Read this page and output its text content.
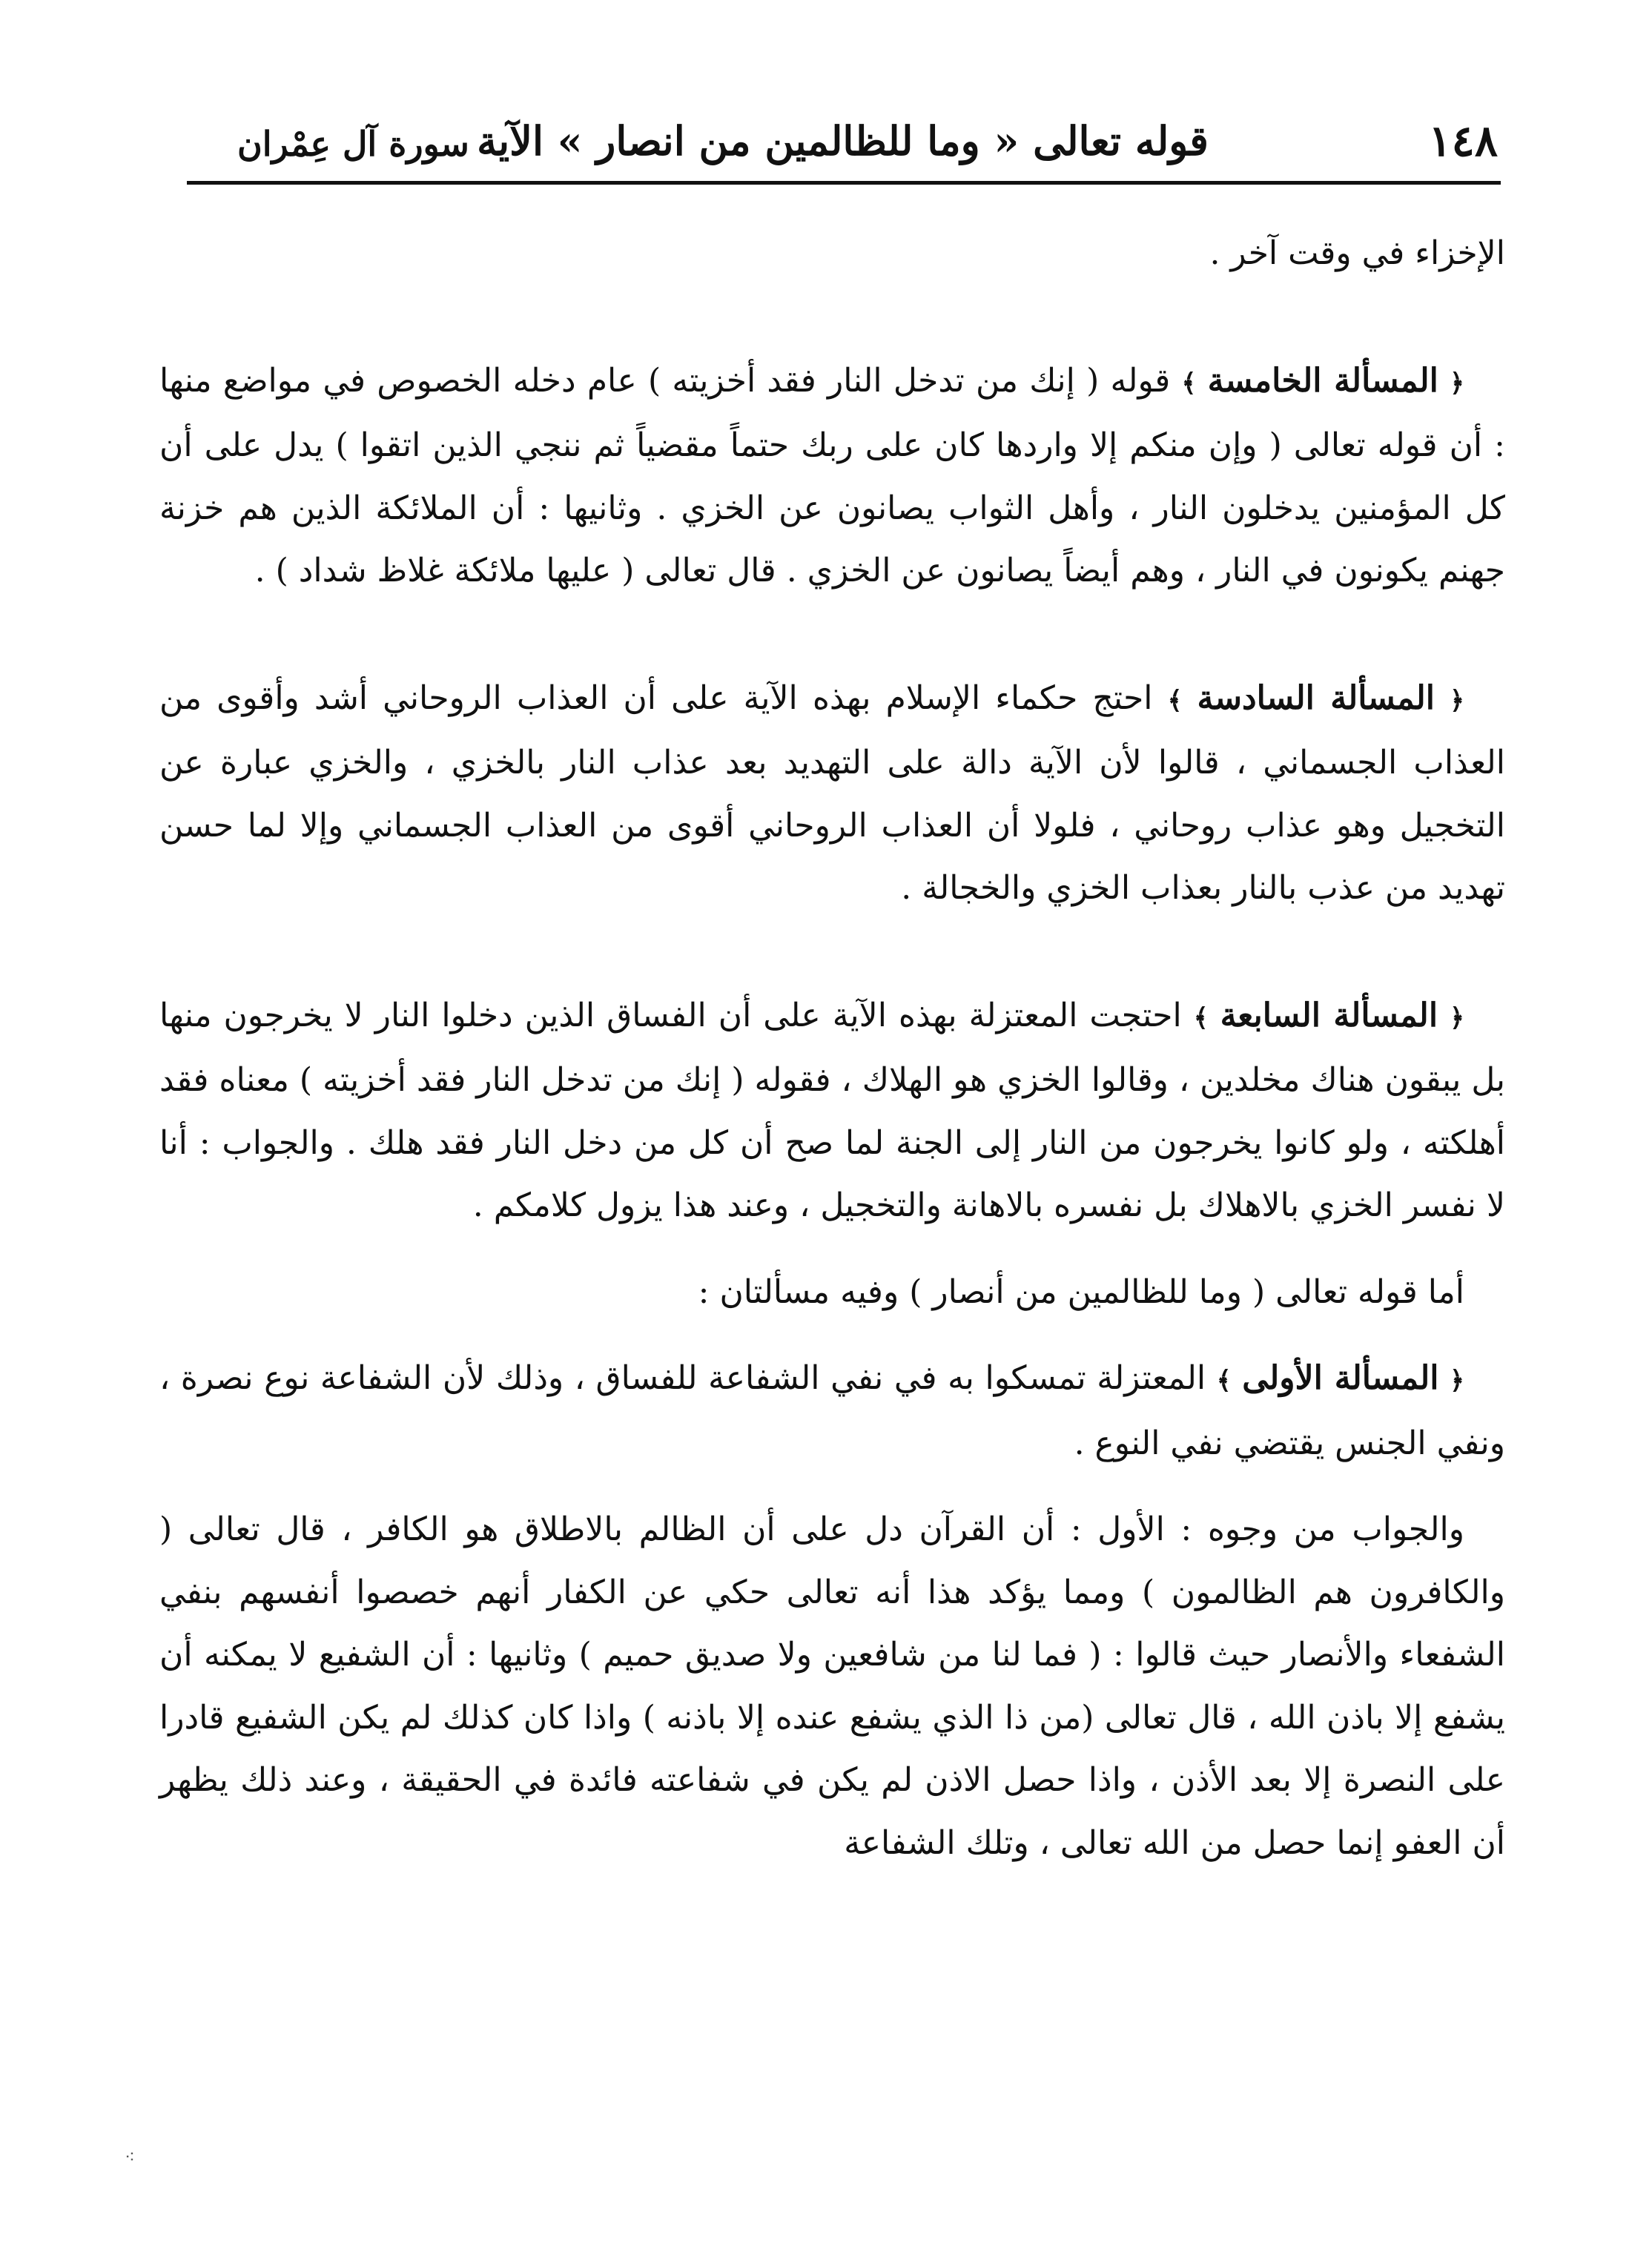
١٤٨
قوله تعالى « وما للظالمين من انصار » الآية
سورة آل عِمْران

الإخزاء في وقت آخر .

﴿ المسألة الخامسة ﴾ قوله ( إنك من تدخل النار فقد أخزيته ) عام دخله الخصوص في مواضع منها : أن قوله تعالى ( وإن منكم إلا واردها كان على ربك حتماً مقضياً ثم ننجي الذين اتقوا ) يدل على أن كل المؤمنين يدخلون النار ، وأهل الثواب يصانون عن الخزي . وثانيها : أن الملائكة الذين هم خزنة جهنم يكونون في النار ، وهم أيضاً يصانون عن الخزي . قال تعالى ( عليها ملائكة غلاظ شداد ) .

﴿ المسألة السادسة ﴾ احتج حكماء الإسلام بهذه الآية على أن العذاب الروحاني أشد وأقوى من العذاب الجسماني ، قالوا لأن الآية دالة على التهديد بعد عذاب النار بالخزي ، والخزي عبارة عن التخجيل وهو عذاب روحاني ، فلولا أن العذاب الروحاني أقوى من العذاب الجسماني وإلا لما حسن تهديد من عذب بالنار بعذاب الخزي والخجالة .

﴿ المسألة السابعة ﴾ احتجت المعتزلة بهذه الآية على أن الفساق الذين دخلوا النار لا يخرجون منها بل يبقون هناك مخلدين ، وقالوا الخزي هو الهلاك ، فقوله ( إنك من تدخل النار فقد أخزيته ) معناه فقد أهلكته ، ولو كانوا يخرجون من النار إلى الجنة لما صح أن كل من دخل النار فقد هلك . والجواب : أنا لا نفسر الخزي بالاهلاك بل نفسره بالاهانة والتخجيل ، وعند هذا يزول كلامكم .

أما قوله تعالى ( وما للظالمين من أنصار ) وفيه مسألتان :

﴿ المسألة الأولى ﴾ المعتزلة تمسكوا به في نفي الشفاعة للفساق ، وذلك لأن الشفاعة نوع نصرة ، ونفي الجنس يقتضي نفي النوع .

والجواب من وجوه : الأول : أن القرآن دل على أن الظالم بالاطلاق هو الكافر ، قال تعالى ( والكافرون هم الظالمون ) ومما يؤكد هذا أنه تعالى حكي عن الكفار أنهم خصصوا أنفسهم بنفي الشفعاء والأنصار حيث قالوا : ( فما لنا من شافعين ولا صديق حميم ) وثانيها : أن الشفيع لا يمكنه أن يشفع إلا باذن الله ، قال تعالى (من ذا الذي يشفع عنده إلا باذنه ) واذا كان كذلك لم يكن الشفيع قادرا على النصرة إلا بعد الأذن ، واذا حصل الاذن لم يكن في شفاعته فائدة في الحقيقة ، وعند ذلك يظهر أن العفو إنما حصل من الله تعالى ، وتلك الشفاعة

⁖
